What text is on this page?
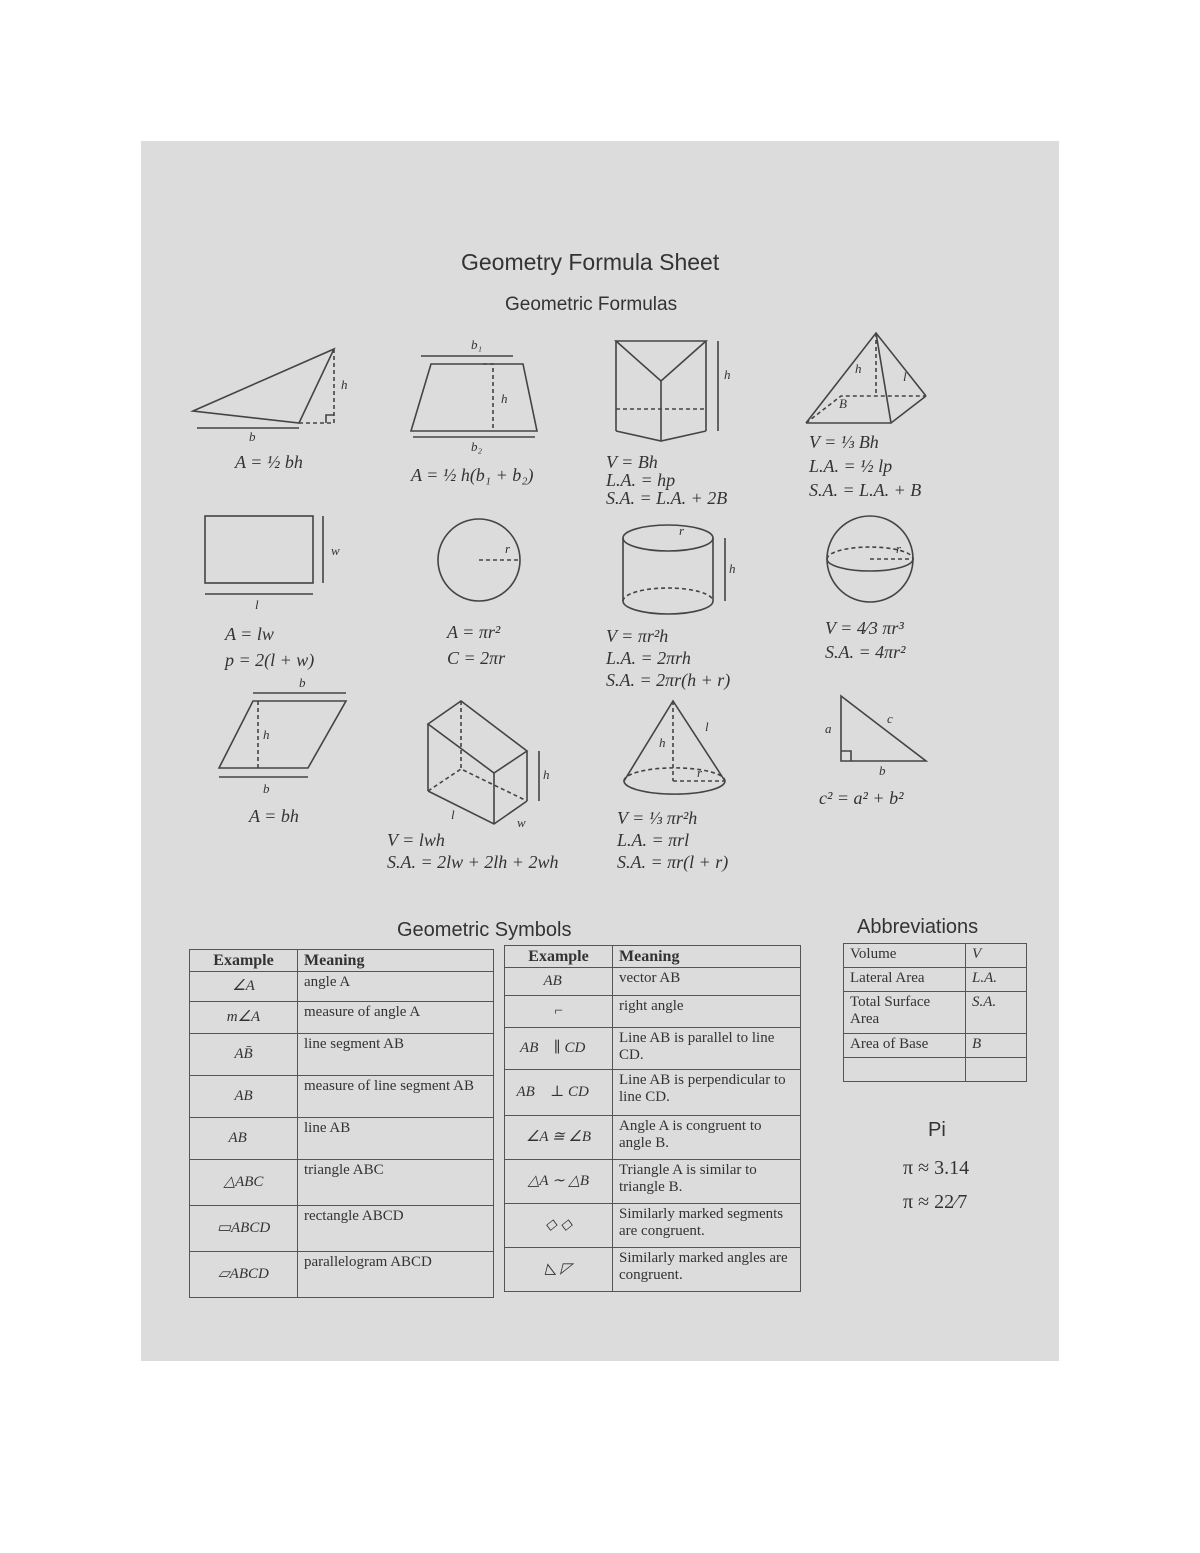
Geometry Formula Sheet
Geometric Formulas
b
h
A = ½ bh
b₁
b₂
h
A = ½ h(b₁ + b₂)
h
V = Bh
L.A. = hp
S.A. = L.A. + 2B
h
l
B
V = ⅓ Bh
L.A. = ½ lp
S.A. = L.A. + B
w
l
A = lw
p = 2(l + w)
r
A = πr²
C = 2πr
r
h
V = πr²h
L.A. = 2πrh
S.A. = 2πr(h + r)
r
V = 4⁄3 πr³
S.A. = 4πr²
b
h
b
A = bh	l
w
h
V = lwh
S.A. = 2lw + 2lh + 2wh
h
l
r
V = ⅓ πr²h
L.A. = πrl
S.A. = πr(l + r)
a
b
c
c² = a² + b²
Geometric Symbols
Example	Meaning
∠A	angle A
m∠A	measure of angle A
AB̄	line segment AB
AB	measure of line segment AB
AB⃡	line AB
△ABC	triangle ABC
▭ABCD	rectangle ABCD
▱ABCD	parallelogram ABCD
Example	Meaning
AB⃗	vector AB
⌐	right angle
AB⃡ ∥ CD⃡	Line AB is parallel to line CD.
AB⃡ ⊥ CD⃡	Line AB is perpendicular to line CD.
∠A ≅ ∠B	Angle A is congruent to angle B.
△A ∼ △B	Triangle A is similar to triangle B.
◇ ◇	Similarly marked segments are congruent.
◺ ◸	Similarly marked angles are congruent.
Abbreviations
Volume	V
Lateral Area	L.A.
Total Surface Area	S.A.
Area of Base	B

Pi
π ≈ 3.14
π ≈ 22⁄7
